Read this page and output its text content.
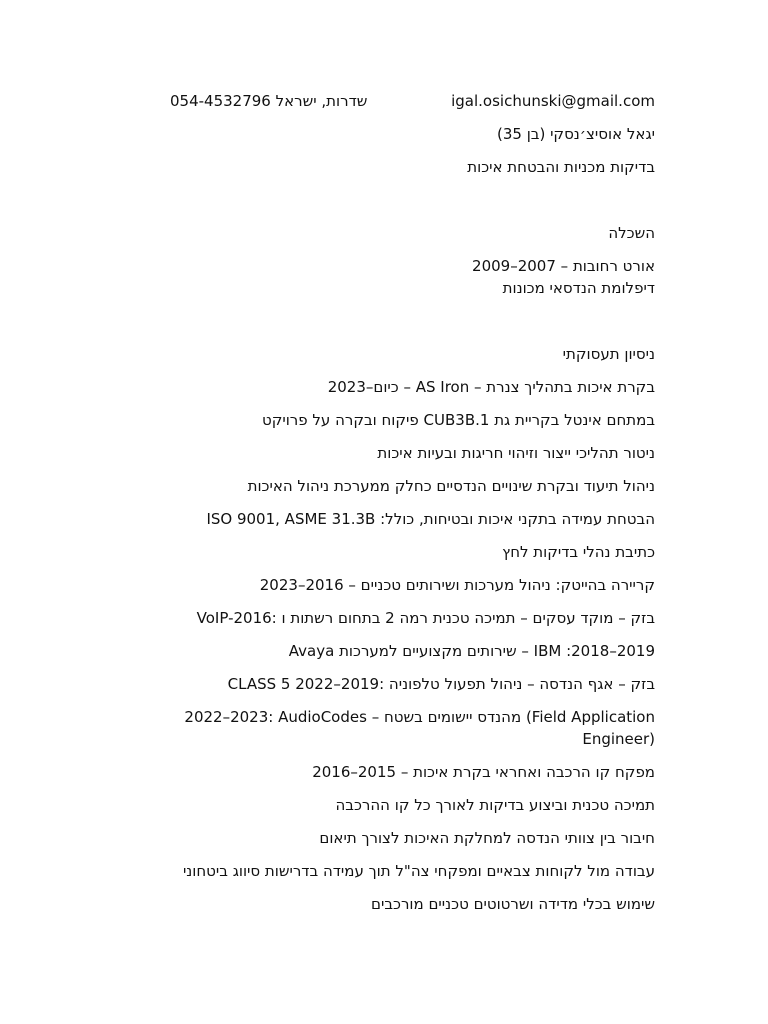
054-4532796 שדרות, ישראל	igal.osichunski@gmail.com
יגאל אוסיצ׳נסקי (בן 35)
בדיקות מכניות והבטחת איכות
השכלה
אורט רחובות – 2007–2009
דיפלומת הנדסאי מכונות
ניסיון תעסוקתי
בקרת איכות בתהליך צנרת – AS Iron – כיום–2023
במתחם אינטל בקריית גת CUB3B.1 פיקוח ובקרה על פרויקט
ניטור תהליכי ייצור וזיהוי חריגות ובעיות איכות
ניהול תיעוד ובקרת שינויים הנדסיים כחלק ממערכת ניהול האיכות
הבטחת עמידה בתקני איכות ובטיחות, כולל: ISO 9001, ASME 31.3B
כתיבת נהלי בדיקות לחץ
קריירה בהייטק: ניהול מערכות ושירותים טכניים – 2016–2023
VoIP-בזק – מוקד עסקים – תמיכה טכנית רמה 2 בתחום רשתות ו :2016
Avaya שירותים מקצועיים למערכות – IBM :2018–2019
CLASS 5 בזק – אגף הנדסה – ניהול תפעול טלפוניה :2019–2022
2022–2023: AudioCodes – מהנדס יישומים בשטח (Field Application Engineer)
מפקח קו הרכבה ואחראי בקרת איכות – 2015–2016
תמיכה טכנית וביצוע בדיקות לאורך כל קו ההרכבה
חיבור בין צוותי הנדסה למחלקת האיכות לצורך תיאום
עבודה מול לקוחות צבאיים ומפקחי צה"ל תוך עמידה בדרישות סיווג ביטחוני
שימוש בכלי מדידה ושרטוטים טכניים מורכבים
